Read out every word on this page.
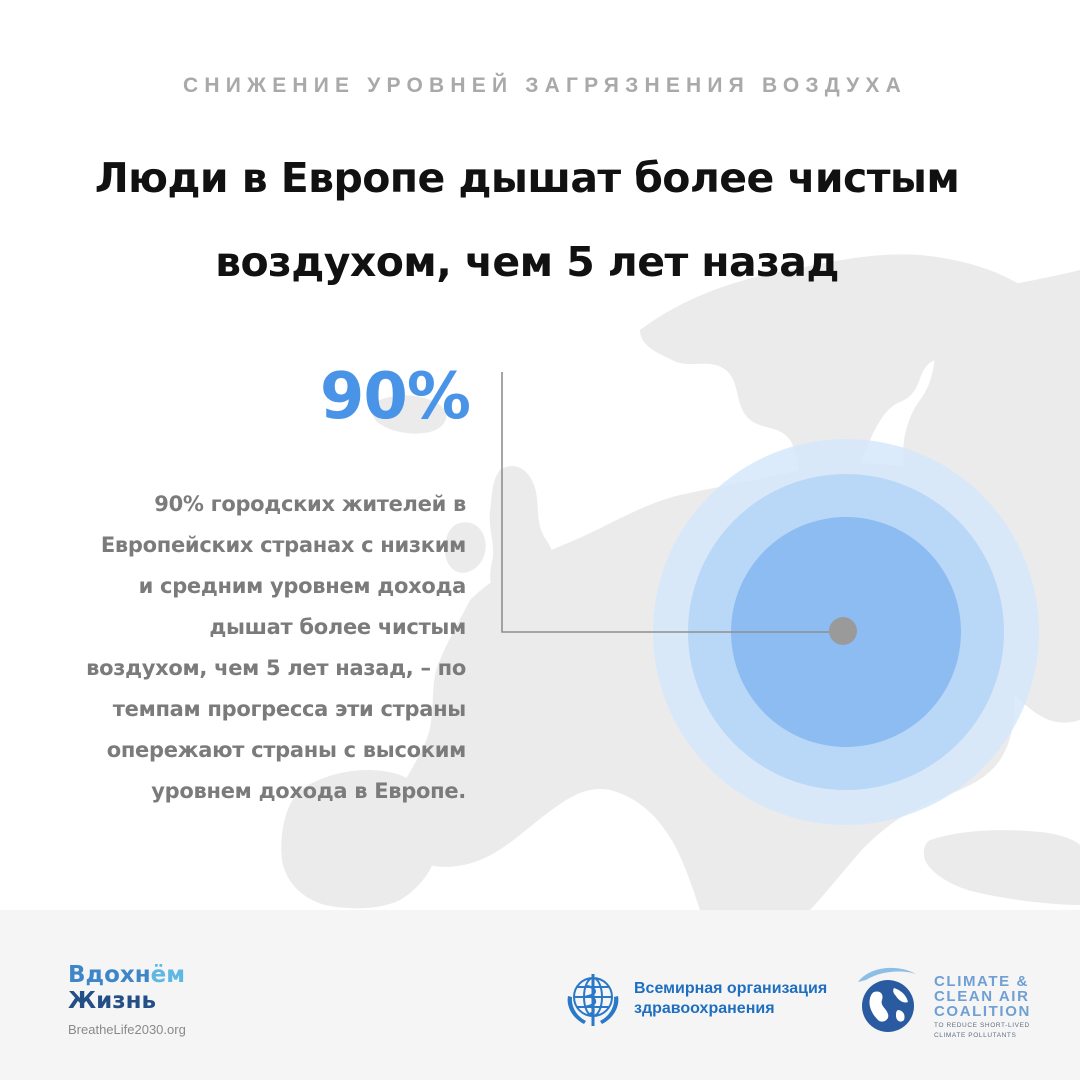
СНИЖЕНИЕ УРОВНЕЙ ЗАГРЯЗНЕНИЯ ВОЗДУХА
Люди в Европе дышат более чистым
воздухом, чем 5 лет назад
90%
90% городских жителей в
Европейских странах с низким
и средним уровнем дохода
дышат более чистым
воздухом, чем 5 лет назад, – по
темпам прогресса эти страны
опережают страны с высоким
уровнем дохода в Европе.
Вдохнём
Жизнь
BreatheLife2030.org
Всемирная организация
здравоохранения
CLIMATE &
CLEAN AIR
COALITION
TO REDUCE SHORT-LIVED
CLIMATE POLLUTANTS
